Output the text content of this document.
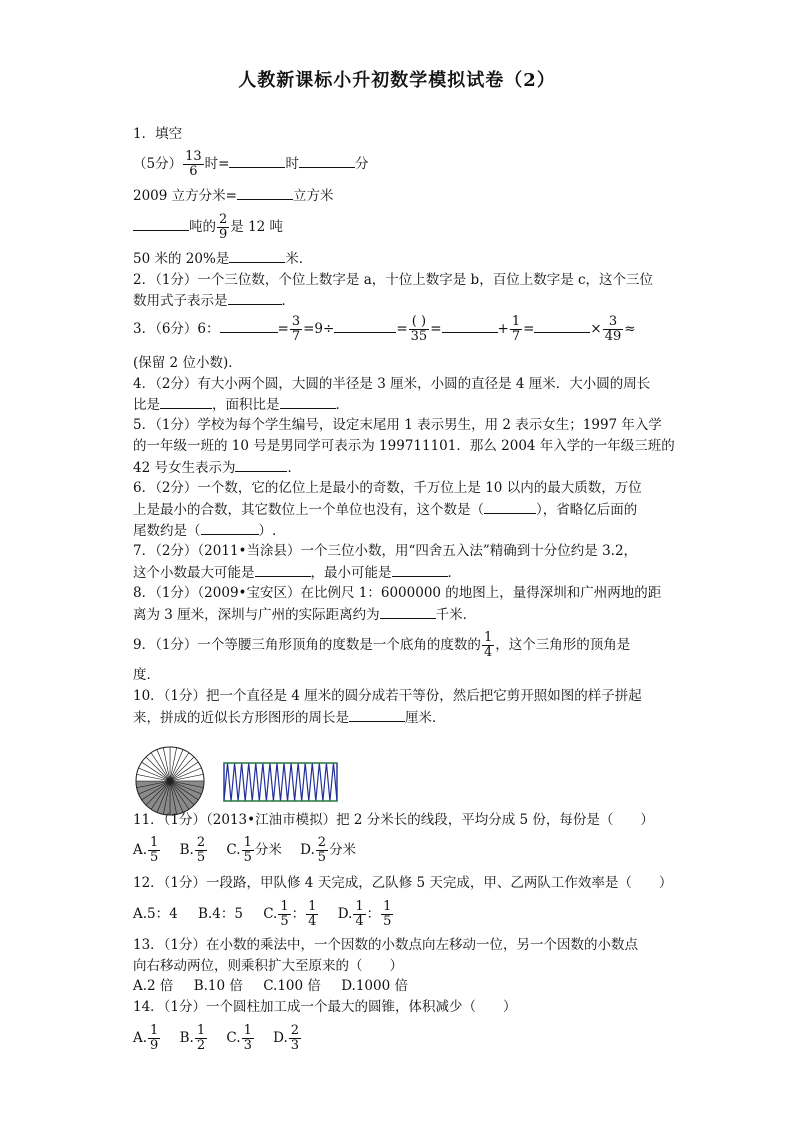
人教新课标小升初数学模拟试卷（2）
1．填空
（5分） $\frac{13}{6}$ 时=	时	分
2009 立方分米=	立方米
吨的 $\frac{2}{9}$ 是 12 吨
50 米的 20%是	米．
2．（1分）一个三位数，个位上数字是 a，十位上数字是 b，百位上数字是 c，这个三位
数用式子表示是	．
3．（6分）6：	= $\frac{3}{7} =9\div$	= $\frac{( )}{35}$ =	+ $\frac{1}{7}$ =	× $\frac{3}{49}$ ≈
(保留 2 位小数)．
4．（2分）有大小两个圆，大圆的半径是 3 厘米，小圆的直径是 4 厘米．大小圆的周长
比是	，面积比是	．
5．（1分）学校为每个学生编号，设定末尾用 1 表示男生，用 2 表示女生；1997 年入学
的一年级一班的 10 号是男同学可表示为 199711101．那么 2004 年入学的一年级三班的
42 号女生表示为	．
6．（2分）一个数，它的亿位上是最小的奇数，千万位上是 10 以内的最大质数，万位
上是最小的合数，其它数位上一个单位也没有，这个数是（	），省略亿后面的
尾数约是（	）.
7．（2分）（2011•当涂县）一个三位小数，用“四舍五入法”精确到十分位约是 3.2，
这个小数最大可能是	，最小可能是	．
8．（1分）（2009•宝安区）在比例尺 1：6000000 的地图上，量得深圳和广州两地的距
离为 3 厘米，深圳与广州的实际距离约为	千米．
9．（1分）一个等腰三角形顶角的度数是一个底角的度数的 $\frac{1}{4}$ ，这个三角形的顶角是
度．
10．（1分）把一个直径是 4 厘米的圆分成若干等份，然后把它剪开照如图的样子拼起
来，拼成的近似长方形图形的周长是	厘米．
11．（1分）（2013•江油市模拟）把 2 分米长的线段，平均分成 5 份，每份是（　　）
A. $\frac{1}{5} B$. $\frac{2}{5} C$. $\frac{1}{5}$ 分米 D. $\frac{2}{5}$ 分米
12．（1分）一段路，甲队修 4 天完成，乙队修 5 天完成，甲、乙两队工作效率是（　　）
A.5：4 B.4：5 C. $\frac{1}{5}$ ： $\frac{1}{4} D$. $\frac{1}{4}$ ： $\frac{1}{5}$
13．（1分）在小数的乘法中，一个因数的小数点向左移动一位，另一个因数的小数点
向右移动两位，则乘积扩大至原来的（　　）
A.2 倍 B.10 倍 C.100 倍 D.1000 倍
14．（1分）一个圆柱加工成一个最大的圆锥，体积减少（　　）
A. $\frac{1}{9} B$. $\frac{1}{2} C$. $\frac{1}{3} D$. $\frac{2}{3}$
